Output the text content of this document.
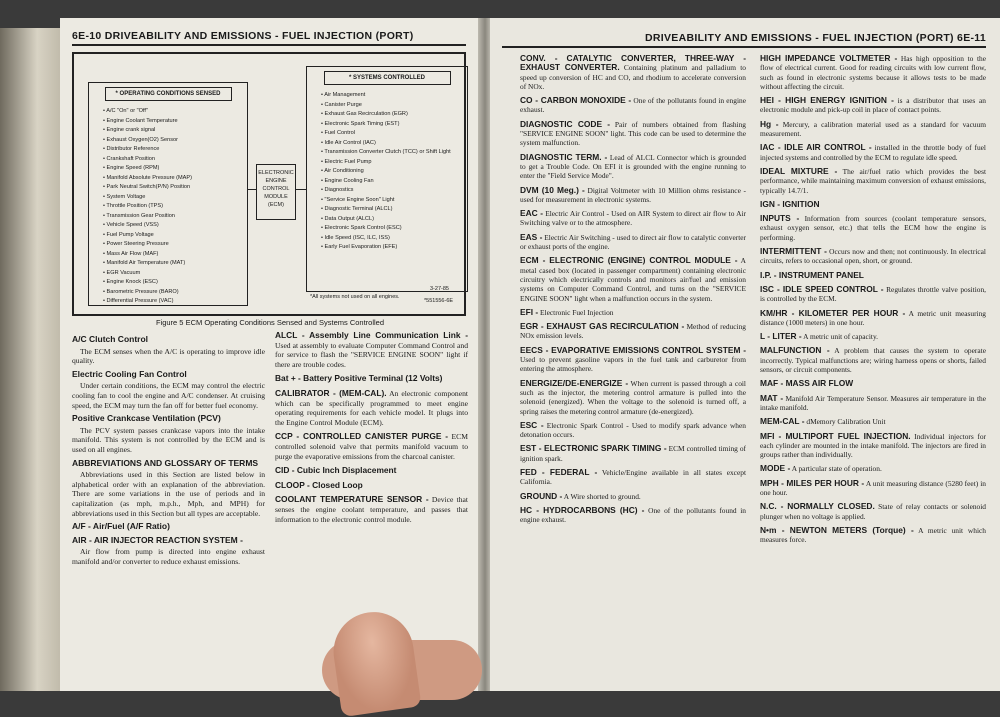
6E-10 DRIVEABILITY AND EMISSIONS - FUEL INJECTION (PORT)
* OPERATING CONDITIONS SENSED
• A/C "On" or "Off"
• Engine Coolant Temperature
• Engine crank signal
• Exhaust Oxygen(O2) Sensor
• Distributor Reference
• Crankshaft Position
• Engine Speed (RPM)
• Manifold Absolute Pressure (MAP)
• Park Neutral Switch(P/N) Position
• System Voltage
• Throttle Position (TPS)
• Transmission Gear Position
• Vehicle Speed (VSS)
• Fuel Pump Voltage
• Power Steering Pressure
• Mass Air Flow (MAF)
• Manifold Air Temperature (MAT)
• EGR Vacuum
• Engine Knock (ESC)
• Barometric Pressure (BARO)
• Differential Pressure (VAC)
ELECTRONIC ENGINE CONTROL MODULE (ECM)
* SYSTEMS CONTROLLED
• Air Management
• Canister Purge
• Exhaust Gas Recirculation (EGR)
• Electronic Spark Timing (EST)
• Fuel Control
• Idle Air Control (IAC)
• Transmission Converter Clutch (TCC) or Shift Light
• Electric Fuel Pump
• Air Conditioning
• Engine Cooling Fan
• Diagnostics
• "Service Engine Soon" Light
• Diagnostic Terminal (ALCL)
• Data Output (ALCL)
• Electronic Spark Control (ESC)
• Idle Speed (ISC, ILC, ISS)
• Early Fuel Evaporation (EFE)
*All systems not used on all engines.
3-27-85
*551556-6E
Figure 5 ECM Operating Conditions Sensed and Systems Controlled
A/C Clutch Control

The ECM senses when the A/C is operating to improve idle quality.

Electric Cooling Fan Control

Under certain conditions, the ECM may control the electric cooling fan to cool the engine and A/C condenser. At cruising speed, the ECM may turn the fan off for better fuel economy.

Positive Crankcase Ventilation (PCV)

The PCV system passes crankcase vapors into the intake manifold. This system is not controlled by the ECM and is used on all engines.

ABBREVIATIONS AND GLOSSARY OF TERMS

Abbreviations used in this Section are listed below in alphabetical order with an explanation of the abbreviation. There are some variations in the use of periods and in capitalization (as mph, m.p.h., Mph, and MPH) for abbreviations used in this Section but all types are acceptable.

A/F - Air/Fuel (A/F Ratio)
AIR - AIR INJECTOR REACTION SYSTEM -

Air flow from pump is directed into engine exhaust manifold and/or converter to reduce exhaust emissions.

ALCL - Assembly Line Communication Link - Used at assembly to evaluate Computer Command Control and for service to flash the "SERVICE ENGINE SOON" light if there are trouble codes.
Bat + - Battery Positive Terminal (12 Volts)
CALIBRATOR - (MEM-CAL). An electronic component which can be specifically programmed to meet engine operating requirements for each vehicle model. It plugs into the Engine Control Module (ECM).
CCP - CONTROLLED CANISTER PURGE - ECM controlled solenoid valve that permits manifold vacuum to purge the evaporative emissions from the charcoal canister.
CID - Cubic Inch Displacement
CLOOP - Closed Loop
COOLANT TEMPERATURE SENSOR - Device that senses the engine coolant temperature, and passes that information to the electronic control module.
DRIVEABILITY AND EMISSIONS - FUEL INJECTION (PORT) 6E-11
CONV. - CATALYTIC CONVERTER, THREE-WAY - EXHAUST CONVERTER. Containing platinum and palladium to speed up conversion of HC and CO, and rhodium to accelerate conversion of NOx.
CO - CARBON MONOXIDE - One of the pollutants found in engine exhaust.
DIAGNOSTIC CODE - Pair of numbers obtained from flashing "SERVICE ENGINE SOON" light. This code can be used to determine the system malfunction.
DIAGNOSTIC TERM. - Lead of ALCL Connector which is grounded to get a Trouble Code. On EFI it is grounded with the engine running to enter the "Field Service Mode".
DVM (10 Meg.) - Digital Voltmeter with 10 Million ohms resistance - used for measurement in electronic systems.
EAC - Electric Air Control - Used on AIR System to direct air flow to Air Switching valve or to the atmosphere.
EAS - Electric Air Switching - used to direct air flow to catalytic converter or exhaust ports of the engine.
ECM - ELECTRONIC (ENGINE) CONTROL MODULE - A metal cased box (located in passenger compartment) containing electronic circuitry which electrically controls and monitors air/fuel and emission systems on Computer Command Control, and turns on the "SERVICE ENGINE SOON" light when a malfunction occurs in the system.
EFI - Electronic Fuel Injection
EGR - EXHAUST GAS RECIRCULATION - Method of reducing NOx emission levels.
EECS - EVAPORATIVE EMISSIONS CONTROL SYSTEM - Used to prevent gasoline vapors in the fuel tank and carburetor from entering the atmosphere.
ENERGIZE/DE-ENERGIZE - When current is passed through a coil such as the injector, the metering control armature is pulled into the solenoid (energized). When the voltage to the solenoid is turned off, a spring raises the metering control armature (de-energized).
ESC - Electronic Spark Control - Used to modify spark advance when detonation occurs.
EST - ELECTRONIC SPARK TIMING - ECM controlled timing of ignition spark.
FED - FEDERAL - Vehicle/Engine available in all states except California.
GROUND - A Wire shorted to ground.
HC - HYDROCARBONS (HC) - One of the pollutants found in engine exhaust.
HIGH IMPEDANCE VOLTMETER - Has high opposition to the flow of electrical current. Good for reading circuits with low current flow, such as found in electronic systems because it allows tests to be made without affecting the circuit.
HEI - HIGH ENERGY IGNITION - is a distributor that uses an electronic module and pick-up coil in place of contact points.
Hg - Mercury, a calibration material used as a standard for vacuum measurement.
IAC - IDLE AIR CONTROL - installed in the throttle body of fuel injected systems and controlled by the ECM to regulate idle speed.
IDEAL MIXTURE - The air/fuel ratio which provides the best performance, while maintaining maximum conversion of exhaust emissions, typically 14.7/1.
IGN - IGNITION
INPUTS - Information from sources (coolant temperature sensors, exhaust oxygen sensor, etc.) that tells the ECM how the engine is performing.
INTERMITTENT - Occurs now and then; not continuously. In electrical circuits, refers to occasional open, short, or ground.
I.P. - INSTRUMENT PANEL
ISC - IDLE SPEED CONTROL - Regulates throttle valve position, is controlled by the ECM.
KM/HR - KILOMETER PER HOUR - A metric unit measuring distance (1000 meters) in one hour.
L - LITER - A metric unit of capacity.
MALFUNCTION - A problem that causes the system to operate incorrectly. Typical malfunctions are; wiring harness opens or shorts, failed sensors, or circuit components.
MAF - MASS AIR FLOW
MAT - Manifold Air Temperature Sensor. Measures air temperature in the intake manifold.
MEM-CAL - dMemory Calibration Unit
MFI - MULTIPORT FUEL INJECTION. Individual injectors for each cylinder are mounted in the intake manifold. The injectors are fired in groups rather than individually.
MODE - A particular state of operation.
MPH - MILES PER HOUR - A unit measuring distance (5280 feet) in one hour.
N.C. - NORMALLY CLOSED. State of relay contacts or solenoid plunger when no voltage is applied.
N•m - NEWTON METERS (Torque) - A metric unit which measures force.
